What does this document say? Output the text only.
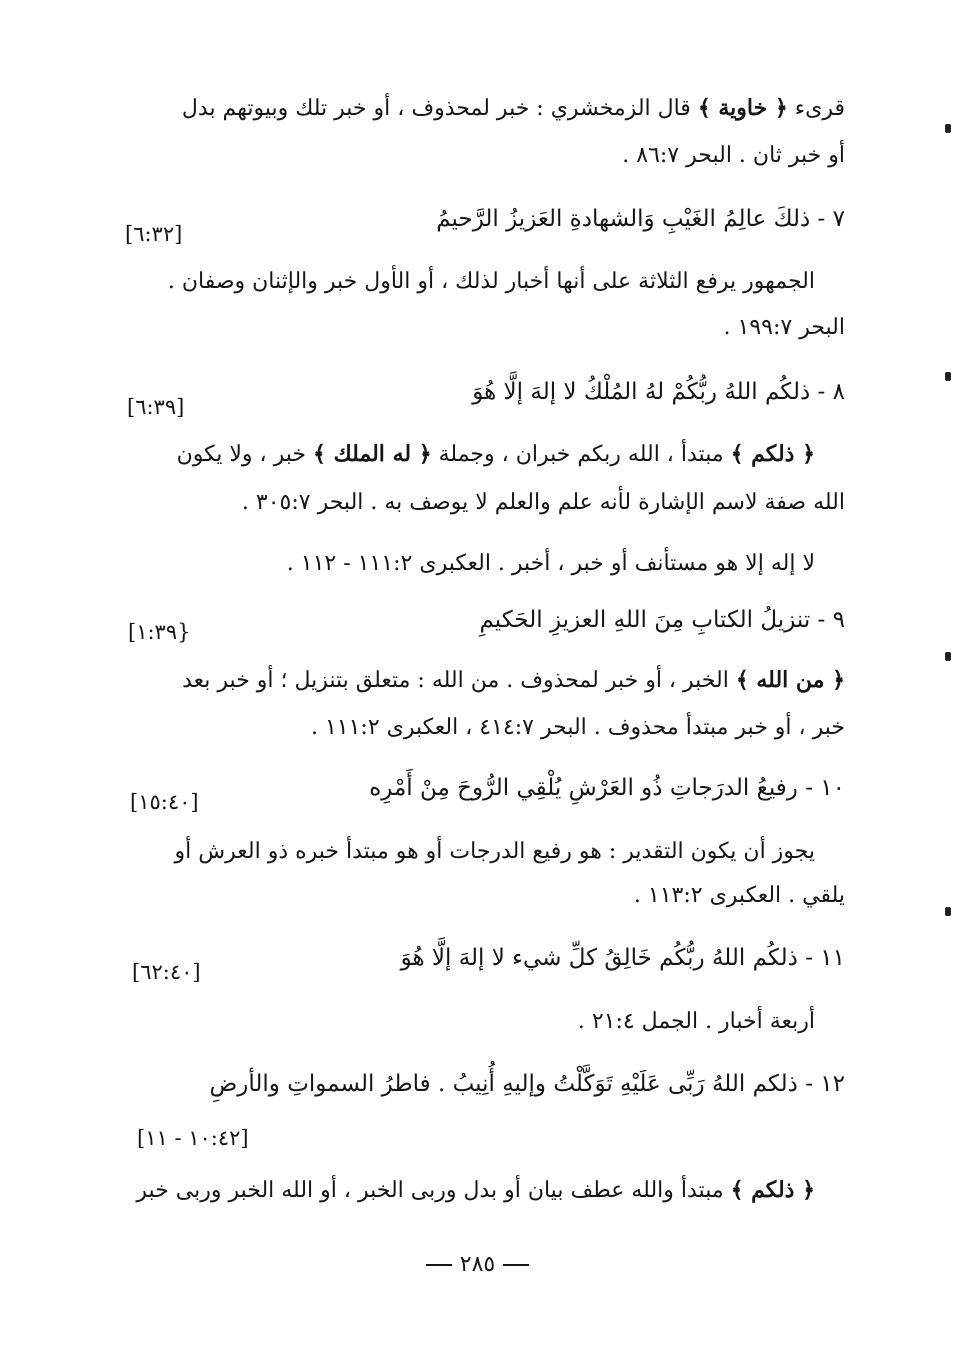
قرىء ﴿ خاوية ﴾ قال الزمخشري : خبر لمحذوف ، أو خبر تلك وبيوتهم بدل
أو خبر ثان . البحر ٨٦:٧ .
٧ - ذلكَ عالِمُ الغَيْبِ وَالشهادةِ العَزيزُ الرَّحيمُ
[٦:٣٢]
الجمهور يرفع الثلاثة على أنها أخبار لذلك ، أو الأول خبر والإثنان وصفان .
البحر ١٩٩:٧ .
٨ - ذلكُم اللهُ ربُّكُمْ لهُ المُلْكُ لا إلهَ إلَّا هُوَ
[٦:٣٩]
﴿ ذلكم ﴾ مبتدأ ، الله ربكم خبران ، وجملة ﴿ له الملك ﴾ خبر ، ولا يكون
الله صفة لاسم الإشارة لأنه علم والعلم لا يوصف به . البحر ٣٠٥:٧ .
لا إله إلا هو مستأنف أو خبر ، أخبر . العكبرى ١١١:٢ - ١١٢ .
٩ - تنزيلُ الكتابِ مِنَ اللهِ العزيزِ الحَكيمِ
[١:٣٩}
﴿ من الله ﴾ الخبر ، أو خبر لمحذوف . من الله : متعلق بتنزيل ؛ أو خبر بعد
خبر ، أو خبر مبتدأ محذوف . البحر ٤١٤:٧ ، العكبرى ١١١:٢ .
١٠ - رفيعُ الدرَجاتِ ذُو العَرْشِ يُلْقِي الرُّوحَ مِنْ أَمْرِه
[١٥:٤٠]
يجوز أن يكون التقدير : هو رفيع الدرجات أو هو مبتدأ خبره ذو العرش أو
يلقي . العكبرى ١١٣:٢ .
١١ - ذلكُم اللهُ ربُّكُم خَالِقُ كلِّ شيء لا إلهَ إلَّا هُوَ
[٦٢:٤٠]
أربعة أخبار . الجمل ٢١:٤ .
١٢ - ذلكم اللهُ رَبِّى عَلَيْهِ تَوَكَّلْتُ وإليهِ أُنِيبُ . فاطرُ السمواتِ والأرضِ
[١٠:٤٢ - ١١]
﴿ ذلكم ﴾ مبتدأ والله عطف بيان أو بدل وربى الخبر ، أو الله الخبر وربى خبر
٢٨٥
